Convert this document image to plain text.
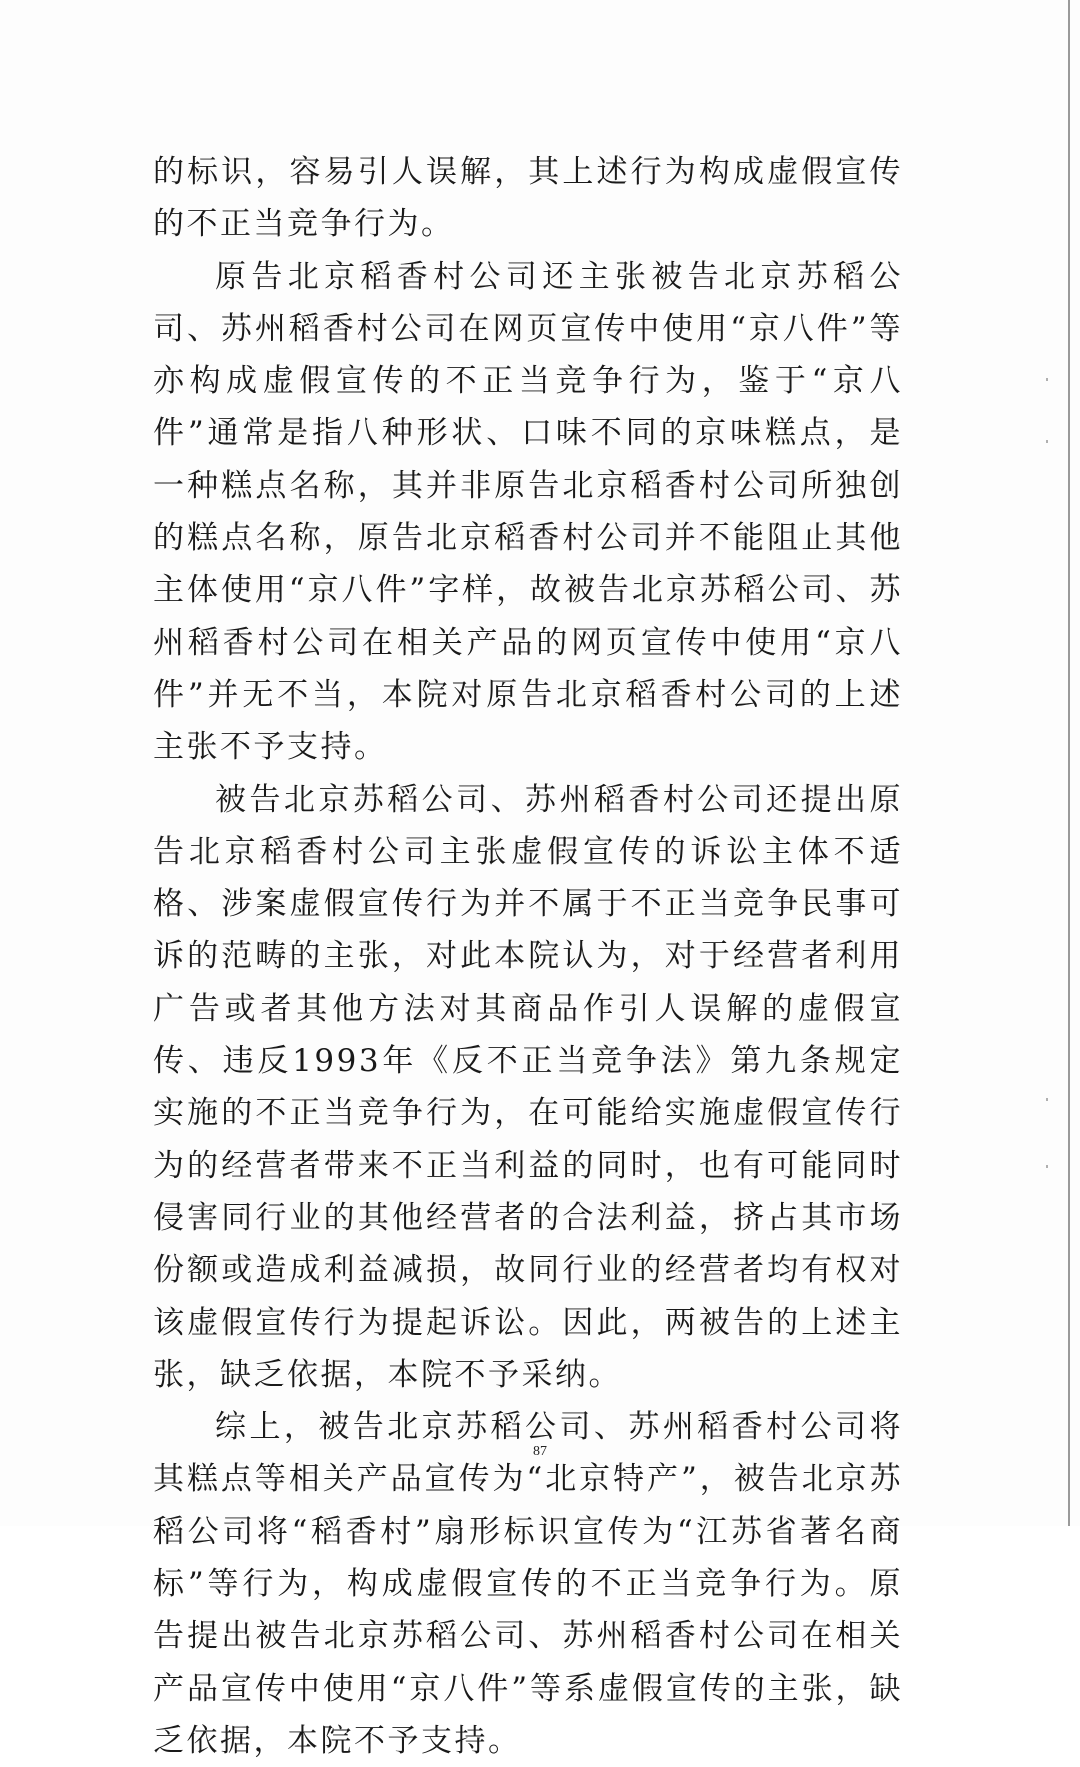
的标识，容易引人误解，其上述行为构成虚假宣传的不正当竞争行为。

原告北京稻香村公司还主张被告北京苏稻公司、苏州稻香村公司在网页宣传中使用“京八件”等亦构成虚假宣传的不正当竞争行为，鉴于“京八件”通常是指八种形状、口味不同的京味糕点，是一种糕点名称，其并非原告北京稻香村公司所独创的糕点名称，原告北京稻香村公司并不能阻止其他主体使用“京八件”字样，故被告北京苏稻公司、苏州稻香村公司在相关产品的网页宣传中使用“京八件”并无不当，本院对原告北京稻香村公司的上述主张不予支持。

被告北京苏稻公司、苏州稻香村公司还提出原告北京稻香村公司主张虚假宣传的诉讼主体不适格、涉案虚假宣传行为并不属于不正当竞争民事可诉的范畴的主张，对此本院认为，对于经营者利用广告或者其他方法对其商品作引人误解的虚假宣传、违反1993年《反不正当竞争法》第九条规定实施的不正当竞争行为，在可能给实施虚假宣传行为的经营者带来不正当利益的同时，也有可能同时侵害同行业的其他经营者的合法利益，挤占其市场份额或造成利益减损，故同行业的经营者均有权对该虚假宣传行为提起诉讼。因此，两被告的上述主张，缺乏依据，本院不予采纳。

综上，被告北京苏稻公司、苏州稻香村公司将其糕点等相关产品宣传为“北京特产”，被告北京苏稻公司将“稻香村”扇形标识宣传为“江苏省著名商标”等行为，构成虚假宣传的不正当竞争行为。原告提出被告北京苏稻公司、苏州稻香村公司在相关产品宣传中使用“京八件”等系虚假宣传的主张，缺乏依据，本院不予支持。

87
